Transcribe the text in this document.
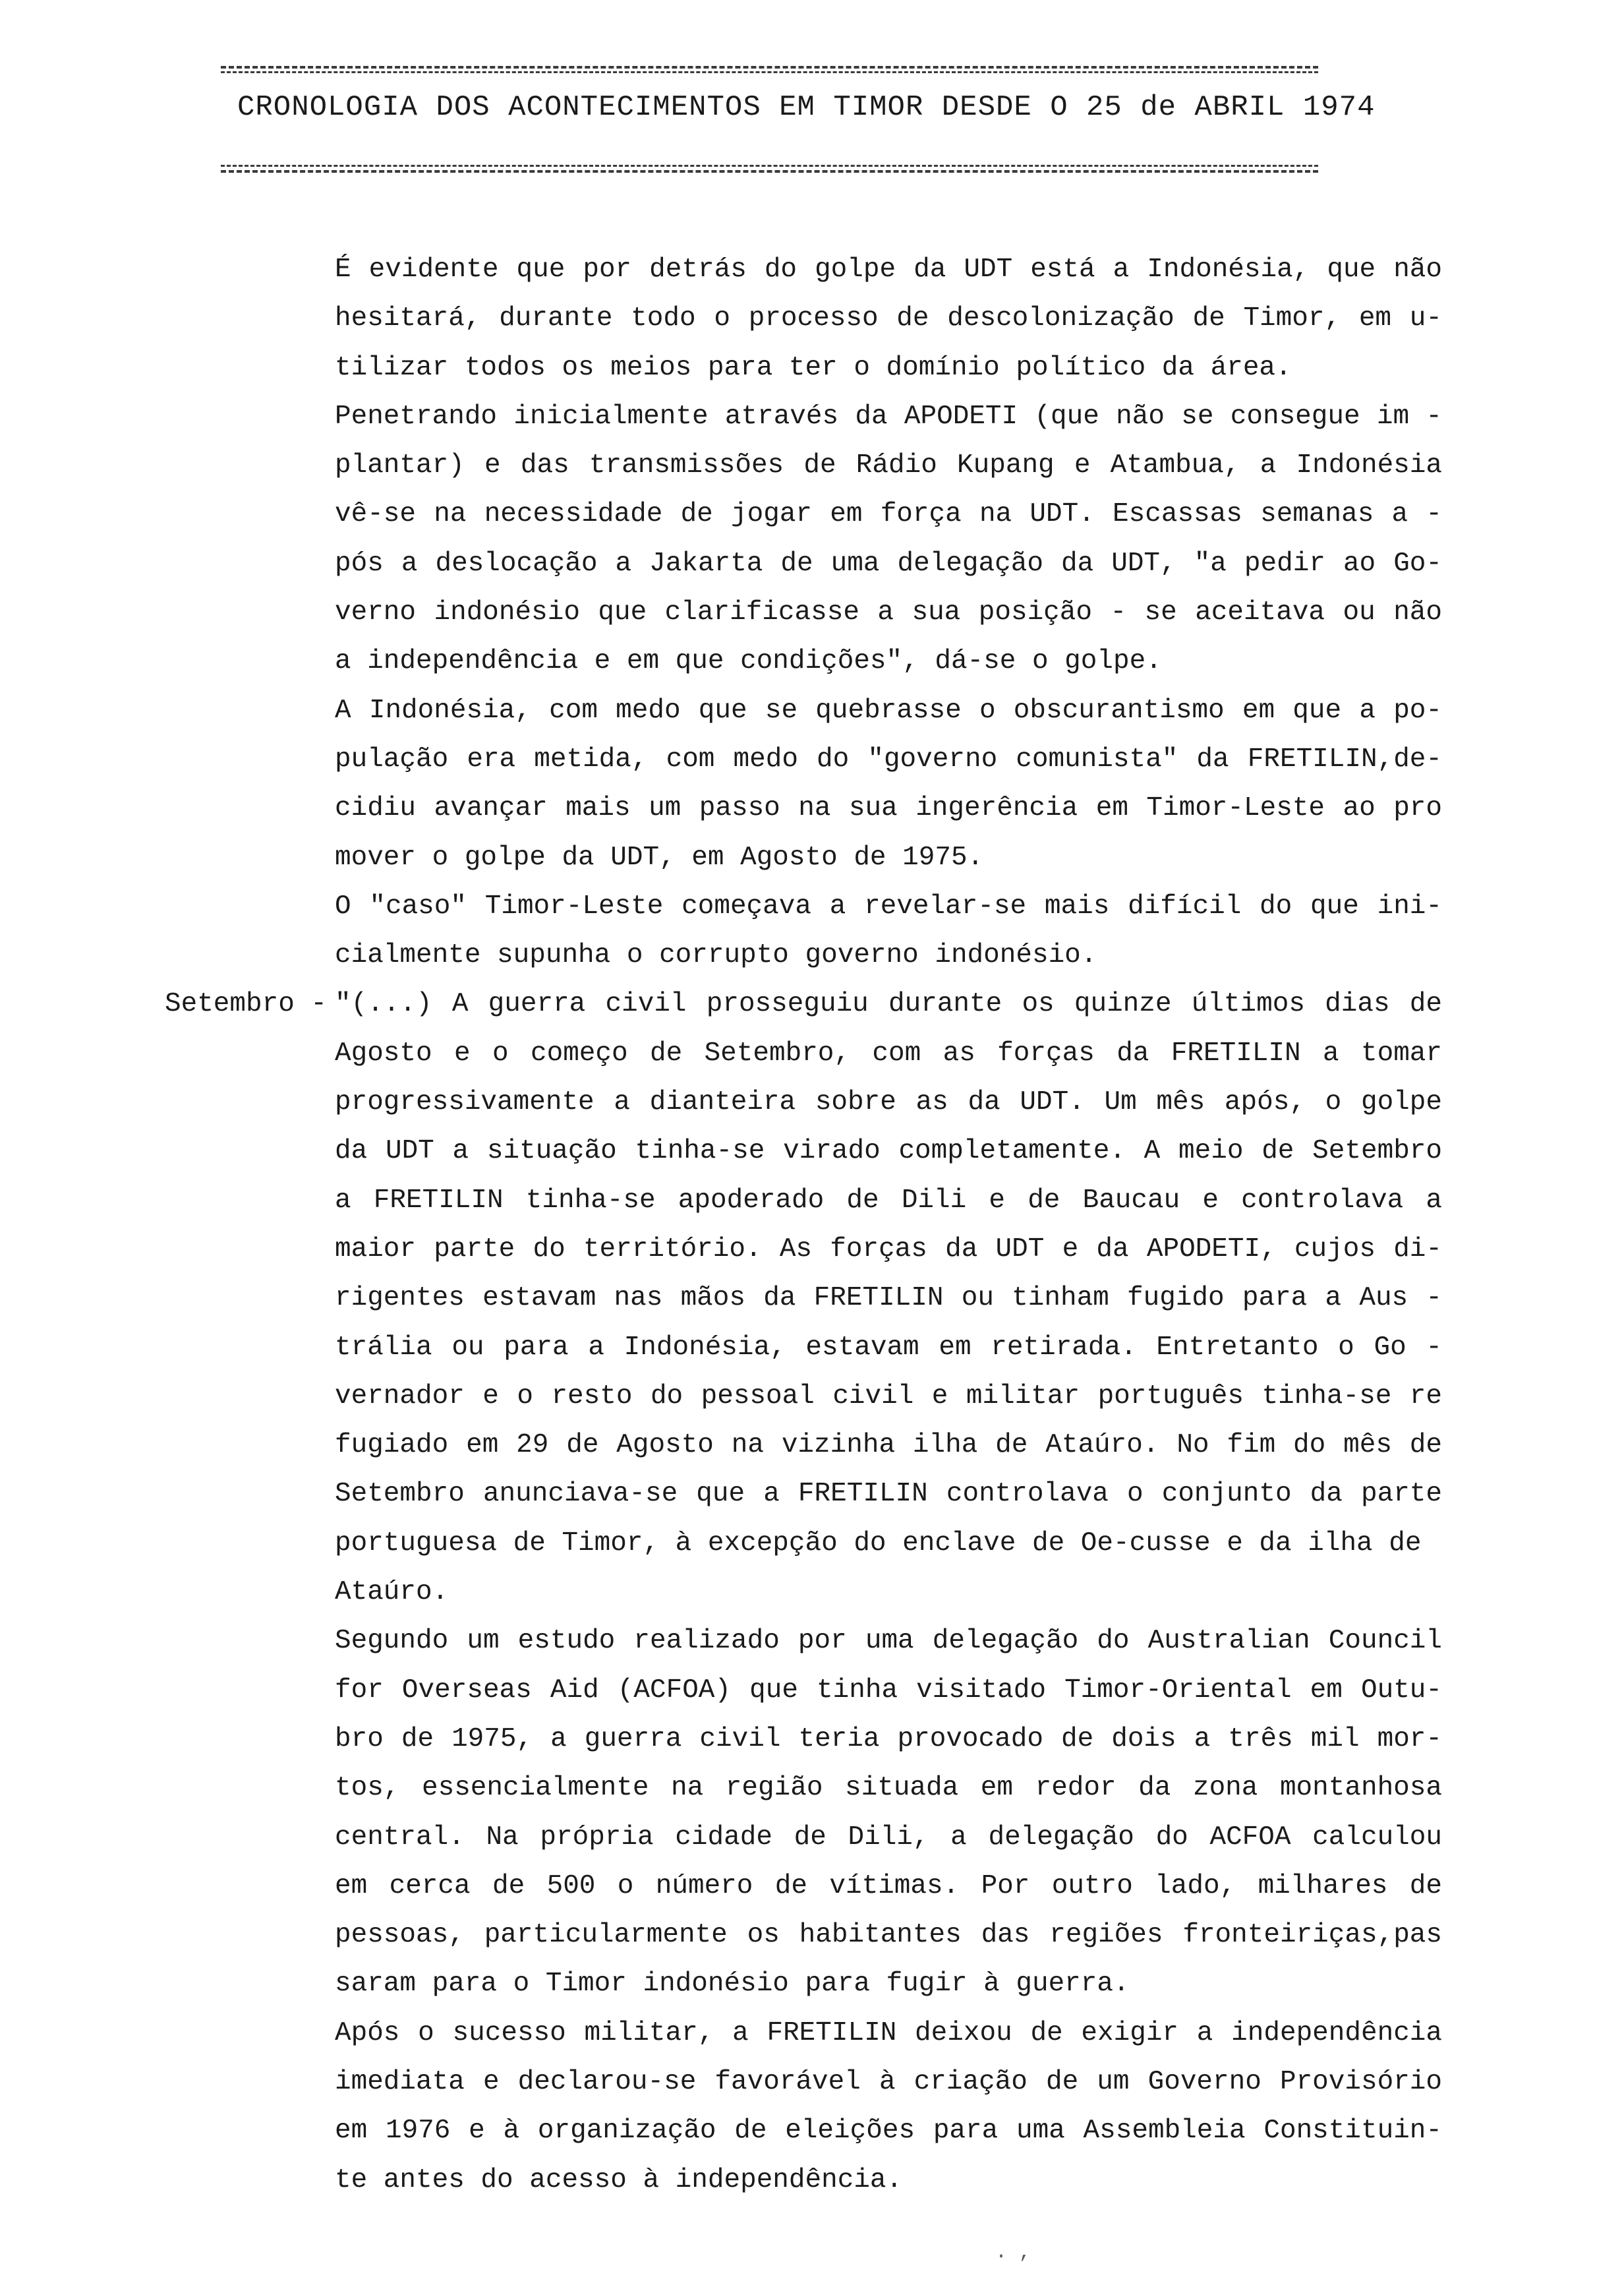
CRONOLOGIA DOS ACONTECIMENTOS EM TIMOR DESDE O 25 de ABRIL 1974
É evidente que por detrás do golpe da UDT está a Indonésia, que não
hesitará, durante todo o processo de descolonização de Timor, em u-
tilizar todos os meios para ter o domínio político da área.
Penetrando inicialmente através da APODETI (que não se consegue im -
plantar) e das transmissões de Rádio Kupang e Atambua, a Indonésia
vê-se na necessidade de jogar em força na UDT. Escassas semanas a -
pós a deslocação a Jakarta de uma delegação da UDT, "a pedir ao Go-
verno indonésio que clarificasse a sua posição - se aceitava ou não
a independência e em que condições", dá-se o golpe.
A Indonésia, com medo que se quebrasse o obscurantismo em que a po-
pulação era metida, com medo do "governo comunista" da FRETILIN,de-
cidiu avançar mais um passo na sua ingerência em Timor-Leste ao pro
mover o golpe da UDT, em Agosto de 1975.
O "caso" Timor-Leste começava a revelar-se mais difícil do que ini-
cialmente supunha o corrupto governo indonésio.
Setembro - "(...) A guerra civil prosseguiu durante os quinze últimos dias de
Agosto e o começo de Setembro, com as forças da FRETILIN a tomar
progressivamente a dianteira sobre as da UDT. Um mês após, o golpe
da UDT a situação tinha-se virado completamente. A meio de Setembro
a FRETILIN tinha-se apoderado de Dili e de Baucau e controlava a
maior parte do território. As forças da UDT e da APODETI, cujos di-
rigentes estavam nas mãos da FRETILIN ou tinham fugido para a Aus -
trália ou para a Indonésia, estavam em retirada. Entretanto o Go -
vernador e o resto do pessoal civil e militar português tinha-se re
fugiado em 29 de Agosto na vizinha ilha de Ataúro. No fim do mês de
Setembro anunciava-se que a FRETILIN controlava o conjunto da parte
portuguesa de Timor, à excepção do enclave de Oe-cusse e da ilha de
Ataúro.
Segundo um estudo realizado por uma delegação do Australian Council
for Overseas Aid (ACFOA) que tinha visitado Timor-Oriental em Outu-
bro de 1975, a guerra civil teria provocado de dois a três mil mor-
tos, essencialmente na região situada em redor da zona montanhosa
central. Na própria cidade de Dili, a delegação do ACFOA calculou
em cerca de 500 o número de vítimas. Por outro lado, milhares de
pessoas, particularmente os habitantes das regiões fronteiriças,pas
saram para o Timor indonésio para fugir à guerra.
Após o sucesso militar, a FRETILIN deixou de exigir a independência
imediata e declarou-se favorável à criação de um Governo Provisório
em 1976 e à organização de eleições para uma Assembleia Constituin-
te antes do acesso à independência.
. ,
